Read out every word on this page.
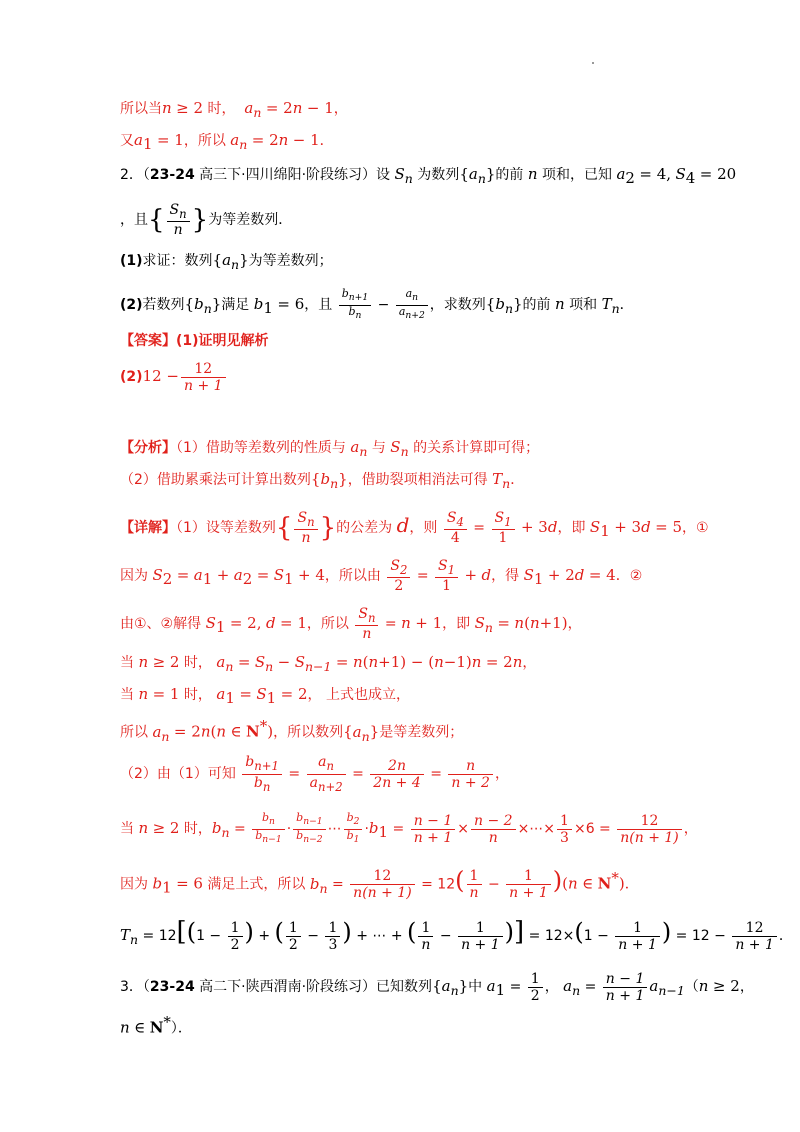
所以当n ≥ 2 时，  $a_n = 2n - 1$，
又$a_1 = 1$，所以 $a_n = 2n - 1$．
2．（23-24 高三下·四川绵阳·阶段练习）设 $S_n$ 为数列$\{a_n\}$的前 n 项和，已知 $a_2 = 4$, $S_4 = 20$
，且{ $\frac{S_n}{n}$ }为等差数列．
(1)求证：数列$\{a_n\}$为等差数列；
(2)若数列$\{b_n\}$满足 $b_1 = 6$，且 $\frac{b_{n+1}}{b_n} - \frac{a_n}{a_{n+2}}$ ，求数列$\{b_n\}$的前 n 项和 $T_n$．
【答案】(1)证明见解析
$(2)12 - \frac{12}{n + 1}$
【分析】（1）借助等差数列的性质与 $a_n$ 与 $S_n$ 的关系计算即可得；
（2）借助累乘法可计算出数列$\{b_n\}$，借助裂项相消法可得 $T_n$．
【详解】（1）设等差数列{ $\frac{S_n}{n}$ }的公差为 d，则 $\frac{S_4}{4} = \frac{S_1}{1} + 3d$，即 $S_1 + 3d = 5$，①
因为 $S_2 = a_1 + a_2 = S_1 + 4$，所以由 $\frac{S_2}{2} = \frac{S_1}{1} + d$，得 $S_1 + 2d = 4$．②
由①、②解得 $S_1 = 2$, d = 1，所以 $\frac{S_n}{n} = n + 1$，即 $S_n = n(n+1)$，
当 n ≥ 2 时， $a_n = S_n - S_{n-1} = n(n+1) - (n-1)n = 2n$，
当 n = 1 时， $a_1 = S_1 = 2$， 上式也成立，
所以 $a_n = 2n(n$ ∈ N*)，所以数列$\{a_n\}$是等差数列；
（2）由（1）可知 $\frac{b_{n+1}}{b_n} = \frac{a_n}{a_{n+2}} = \frac{2n}{2n + 4} = \frac{n}{n + 2}$ ，
当 n ≥ 2 时，$b_n = \frac{b_n}{b_{n-1}} \cdot \frac{b_{n-1}}{b_{n-2}}$ ⋯ $\frac{b_2}{b_1} \cdot b_1 = \frac{n - 1}{n + 1} \times \frac{n - 2}{n}$ ×⋯× $\frac{1}{3} \times 6 = \frac{12}{n(n + 1)}$ ，
因为 $b_1 = 6$ 满足上式，所以 $b_n = \frac{12}{n(n + 1)} = 12( \frac{1}{n} - \frac{1}{n + 1} )(n$ ∈ N*)．
$T_n = 12[(1 - \frac{1}{2}$ ) + ( $\frac{1}{2} - \frac{1}{3}$ ) + ⋯ + ( $\frac{1}{n} - \frac{1}{n + 1}$ )] = $12\times(1 - \frac{1}{n + 1}$ ) = $12 - \frac{12}{n + 1}$ ．
3．（23-24 高二下·陕西渭南·阶段练习）已知数列$\{a_n\}$中 $a_1 = \frac{1}{2}$ ， $a_n = \frac{n - 1}{n + 1} a_{n-1}(n \ge 2$，
n ∈ N*）．
